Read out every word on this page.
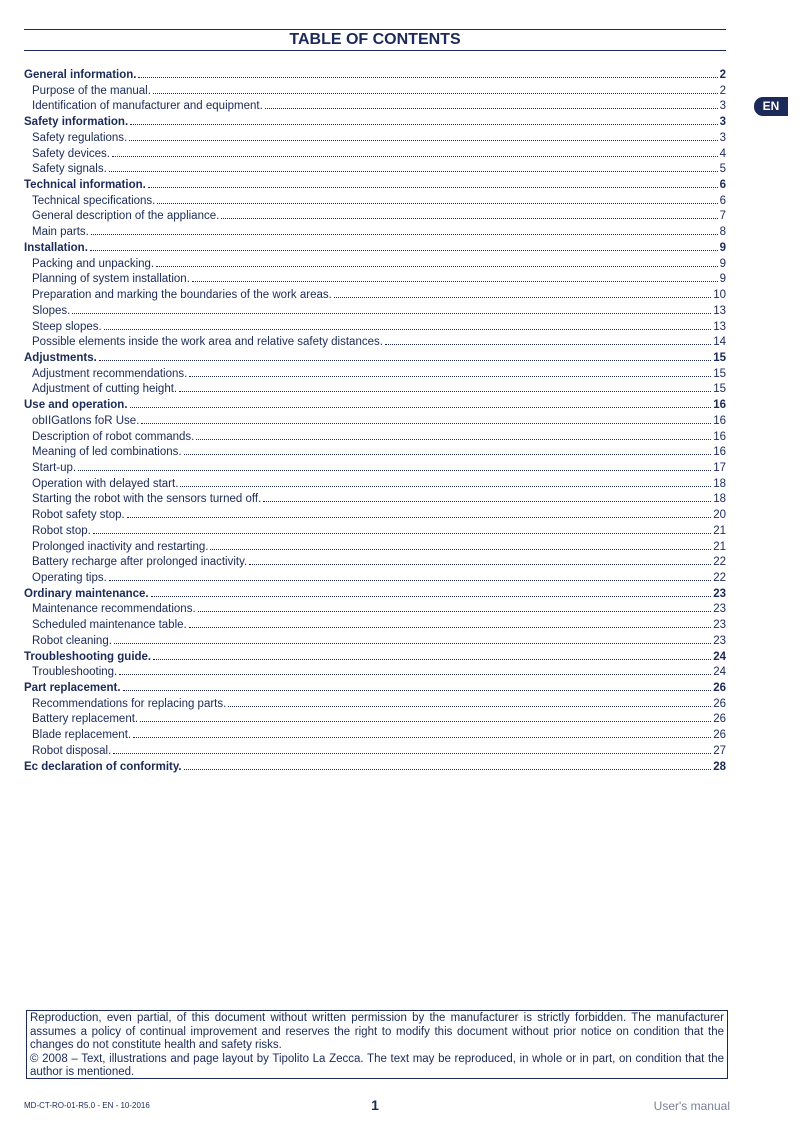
TABLE OF CONTENTS
EN
General information.	2
Purpose of the manual.	2
Identification of manufacturer and equipment.	3
Safety information.	3
Safety regulations.	3
Safety devices.	4
Safety signals.	5
Technical information.	6
Technical specifications.	6
General description of the appliance.	7
Main parts.	8
Installation.	9
Packing and unpacking.	9
Planning of system installation.	9
Preparation and marking the boundaries of the work areas.	10
Slopes.	13
Steep slopes.	13
Possible elements inside the work area and relative safety distances.	14
Adjustments.	15
Adjustment recommendations.	15
Adjustment of cutting height.	15
Use and operation.	16
obIIGatIons foR Use.	16
Description of robot commands.	16
Meaning of led combinations.	16
Start-up.	17
Operation with delayed start.	18
Starting the robot with the sensors turned off.	18
Robot safety stop.	20
Robot stop.	21
Prolonged inactivity and restarting.	21
Battery recharge after prolonged inactivity.	22
Operating tips.	22
Ordinary maintenance.	23
Maintenance recommendations.	23
Scheduled maintenance table.	23
Robot cleaning.	23
Troubleshooting guide.	24
Troubleshooting.	24
Part replacement.	26
Recommendations for replacing parts.	26
Battery replacement.	26
Blade replacement.	26
Robot disposal.	27
Ec declaration of conformity.	28

Reproduction, even partial, of this document without written permission by the manufacturer is strictly forbidden. The manufacturer assumes a policy of continual improvement and reserves the right to modify this document without prior notice on condition that the changes do not constitute health and safety risks.

© 2008 – Text, illustrations and page layout by Tipolito La Zecca. The text may be reproduced, in whole or in part, on condition that the author is mentioned.

MD-CT-RO-01-R5.0 - EN - 10-2016	1	User's manual
